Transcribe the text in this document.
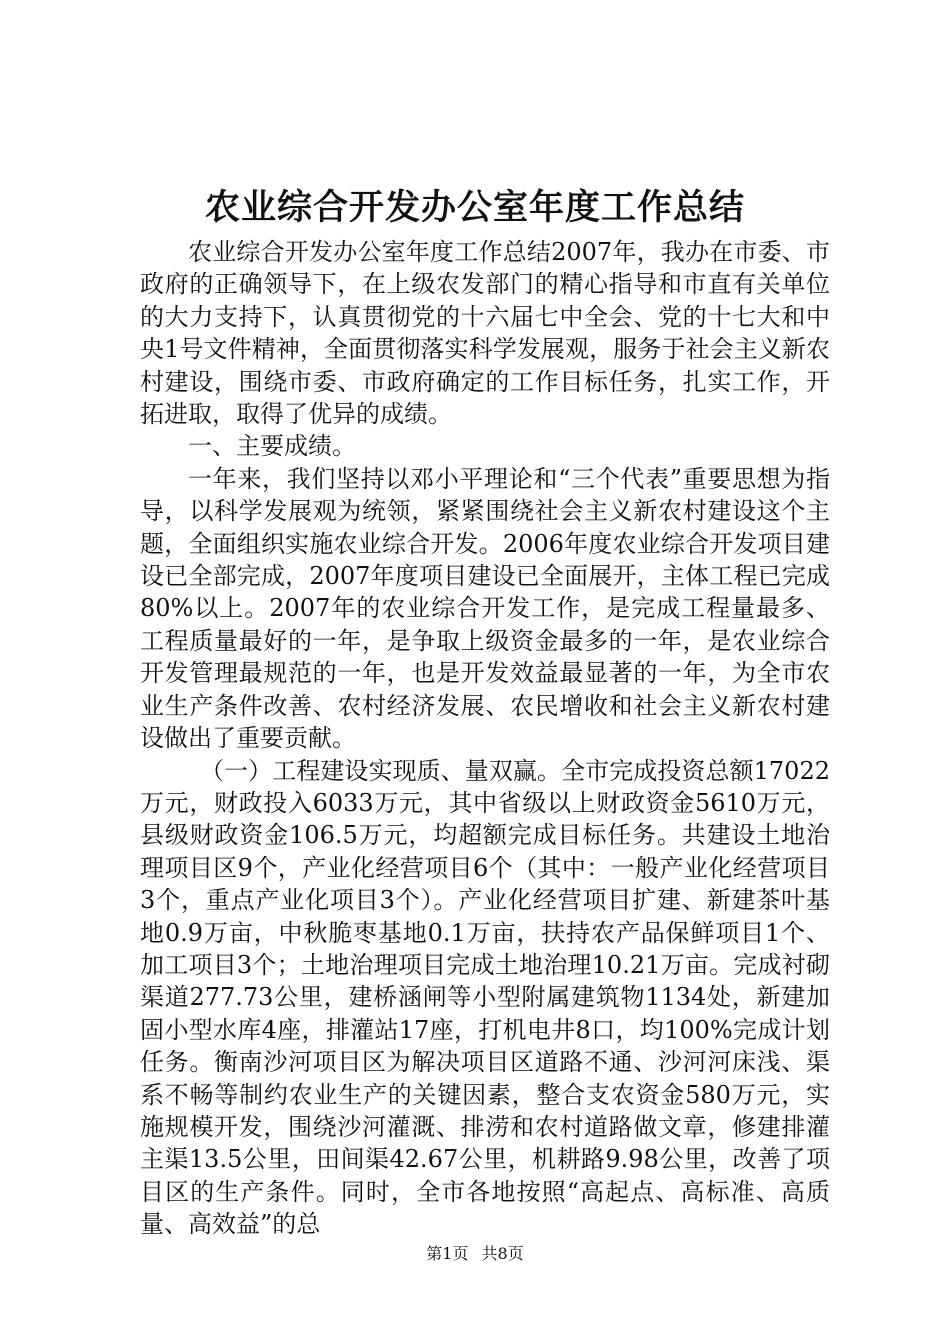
农业综合开发办公室年度工作总结

农业综合开发办公室年度工作总结2007年，我办在市委、市政府的正确领导下，在上级农发部门的精心指导和市直有关单位的大力支持下，认真贯彻党的十六届七中全会、党的十七大和中央1号文件精神，全面贯彻落实科学发展观，服务于社会主义新农村建设，围绕市委、市政府确定的工作目标任务，扎实工作，开拓进取，取得了优异的成绩。

一、主要成绩。

一年来，我们坚持以邓小平理论和“三个代表”重要思想为指导，以科学发展观为统领，紧紧围绕社会主义新农村建设这个主题，全面组织实施农业综合开发。2006年度农业综合开发项目建设已全部完成，2007年度项目建设已全面展开，主体工程已完成80%以上。2007年的农业综合开发工作，是完成工程量最多、工程质量最好的一年，是争取上级资金最多的一年，是农业综合开发管理最规范的一年，也是开发效益最显著的一年，为全市农业生产条件改善、农村经济发展、农民增收和社会主义新农村建设做出了重要贡献。

（一）工程建设实现质、量双赢。全市完成投资总额17022万元，财政投入6033万元，其中省级以上财政资金5610万元，县级财政资金106.5万元，均超额完成目标任务。共建设土地治理项目区9个，产业化经营项目6个（其中：一般产业化经营项目3个，重点产业化项目3个）。产业化经营项目扩建、新建茶叶基地0.9万亩，中秋脆枣基地0.1万亩，扶持农产品保鲜项目1个、加工项目3个；土地治理项目完成土地治理10.21万亩。完成衬砌渠道277.73公里，建桥涵闸等小型附属建筑物1134处，新建加固小型水库4座，排灌站17座，打机电井8口，均100%完成计划任务。衡南沙河项目区为解决项目区道路不通、沙河河床浅、渠系不畅等制约农业生产的关键因素，整合支农资金580万元，实施规模开发，围绕沙河灌溉、排涝和农村道路做文章，修建排灌主渠13.5公里，田间渠42.67公里，机耕路9.98公里，改善了项目区的生产条件。同时，全市各地按照“高起点、高标准、高质量、高效益”的总

第1页 共8页
